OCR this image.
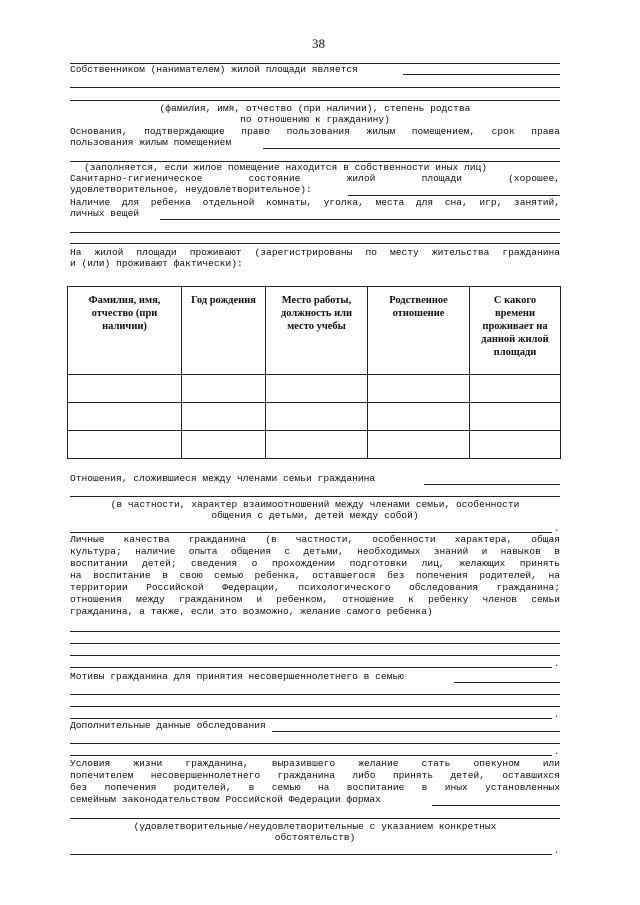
38
Собственником (нанимателем) жилой площади является
(фамилия, имя, отчество (при наличии), степень родства
по отношению к гражданину)
Основания, подтверждающие право пользования жилым помещением, срок права
пользования жилым помещением
(заполняется, если жилое помещение находится в собственности иных лиц)
Санитарно-гигиеническое состояние жилой площади (хорошее,
удовлетворительное, неудовлетворительное):
Наличие для ребенка отдельной комнаты, уголка, места для сна, игр, занятий,
личных вещей
На жилой площади проживают (зарегистрированы по месту жительства гражданина
и (или) проживают фактически):
Фамилия, имя, отчество (при наличии)	Год рождения	Место работы, должность или место учебы	Родственное отношение	С какого времени проживает на данной жилой площади

Отношения, сложившиеся между членами семьи гражданина
(в частности, характер взаимоотношений между членами семьи, особенности
общения с детьми, детей между собой)
.
Личные качества гражданина (в частности, особенности характера, общая
культура; наличие опыта общения с детьми, необходимых знаний и навыков в
воспитании детей; сведения о прохождении подготовки лиц, желающих принять
на воспитание в свою семью ребенка, оставшегося без попечения родителей, на
территории Российской Федерации, психологического обследования гражданина;
отношения между гражданином и ребенком, отношение к ребенку членов семьи
гражданина, а также, если это возможно, желание самого ребенка)
.
Мотивы гражданина для принятия несовершеннолетнего в семью
.
Дополнительные данные обследования
.
Условия жизни гражданина, выразившего желание стать опекуном или
попечителем несовершеннолетнего гражданина либо принять детей, оставшихся
без попечения родителей, в семью на воспитание в иных установленных
семейным законодательством Российской Федерации формах
(удовлетворительные/неудовлетворительные с указанием конкретных
обстоятельств)
.
